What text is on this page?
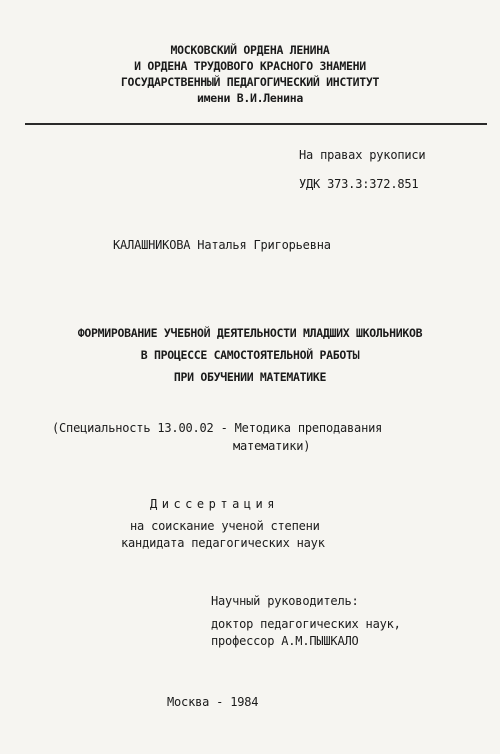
МОСКОВСКИЙ ОРДЕНА ЛЕНИНА
И ОРДЕНА ТРУДОВОГО КРАСНОГО ЗНАМЕНИ
ГОСУДАРСТВЕННЫЙ ПЕДАГОГИЧЕСКИЙ ИНСТИТУТ
имени В.И.Ленина
На правах рукописи
УДК 373.3:372.851
КАЛАШНИКОВА Наталья Григорьевна
ФОРМИРОВАНИЕ УЧЕБНОЙ ДЕЯТЕЛЬНОСТИ МЛАДШИХ ШКОЛЬНИКОВ
В ПРОЦЕССЕ САМОСТОЯТЕЛЬНОЙ РАБОТЫ
ПРИ ОБУЧЕНИИ МАТЕМАТИКЕ
(Специальность 13.00.02 - Методика преподавания
математики)
Диссертация
на соискание ученой степени
кандидата педагогических наук
Научный руководитель:
доктор педагогических наук,
профессор А.М.ПЫШКАЛО
Москва - 1984
